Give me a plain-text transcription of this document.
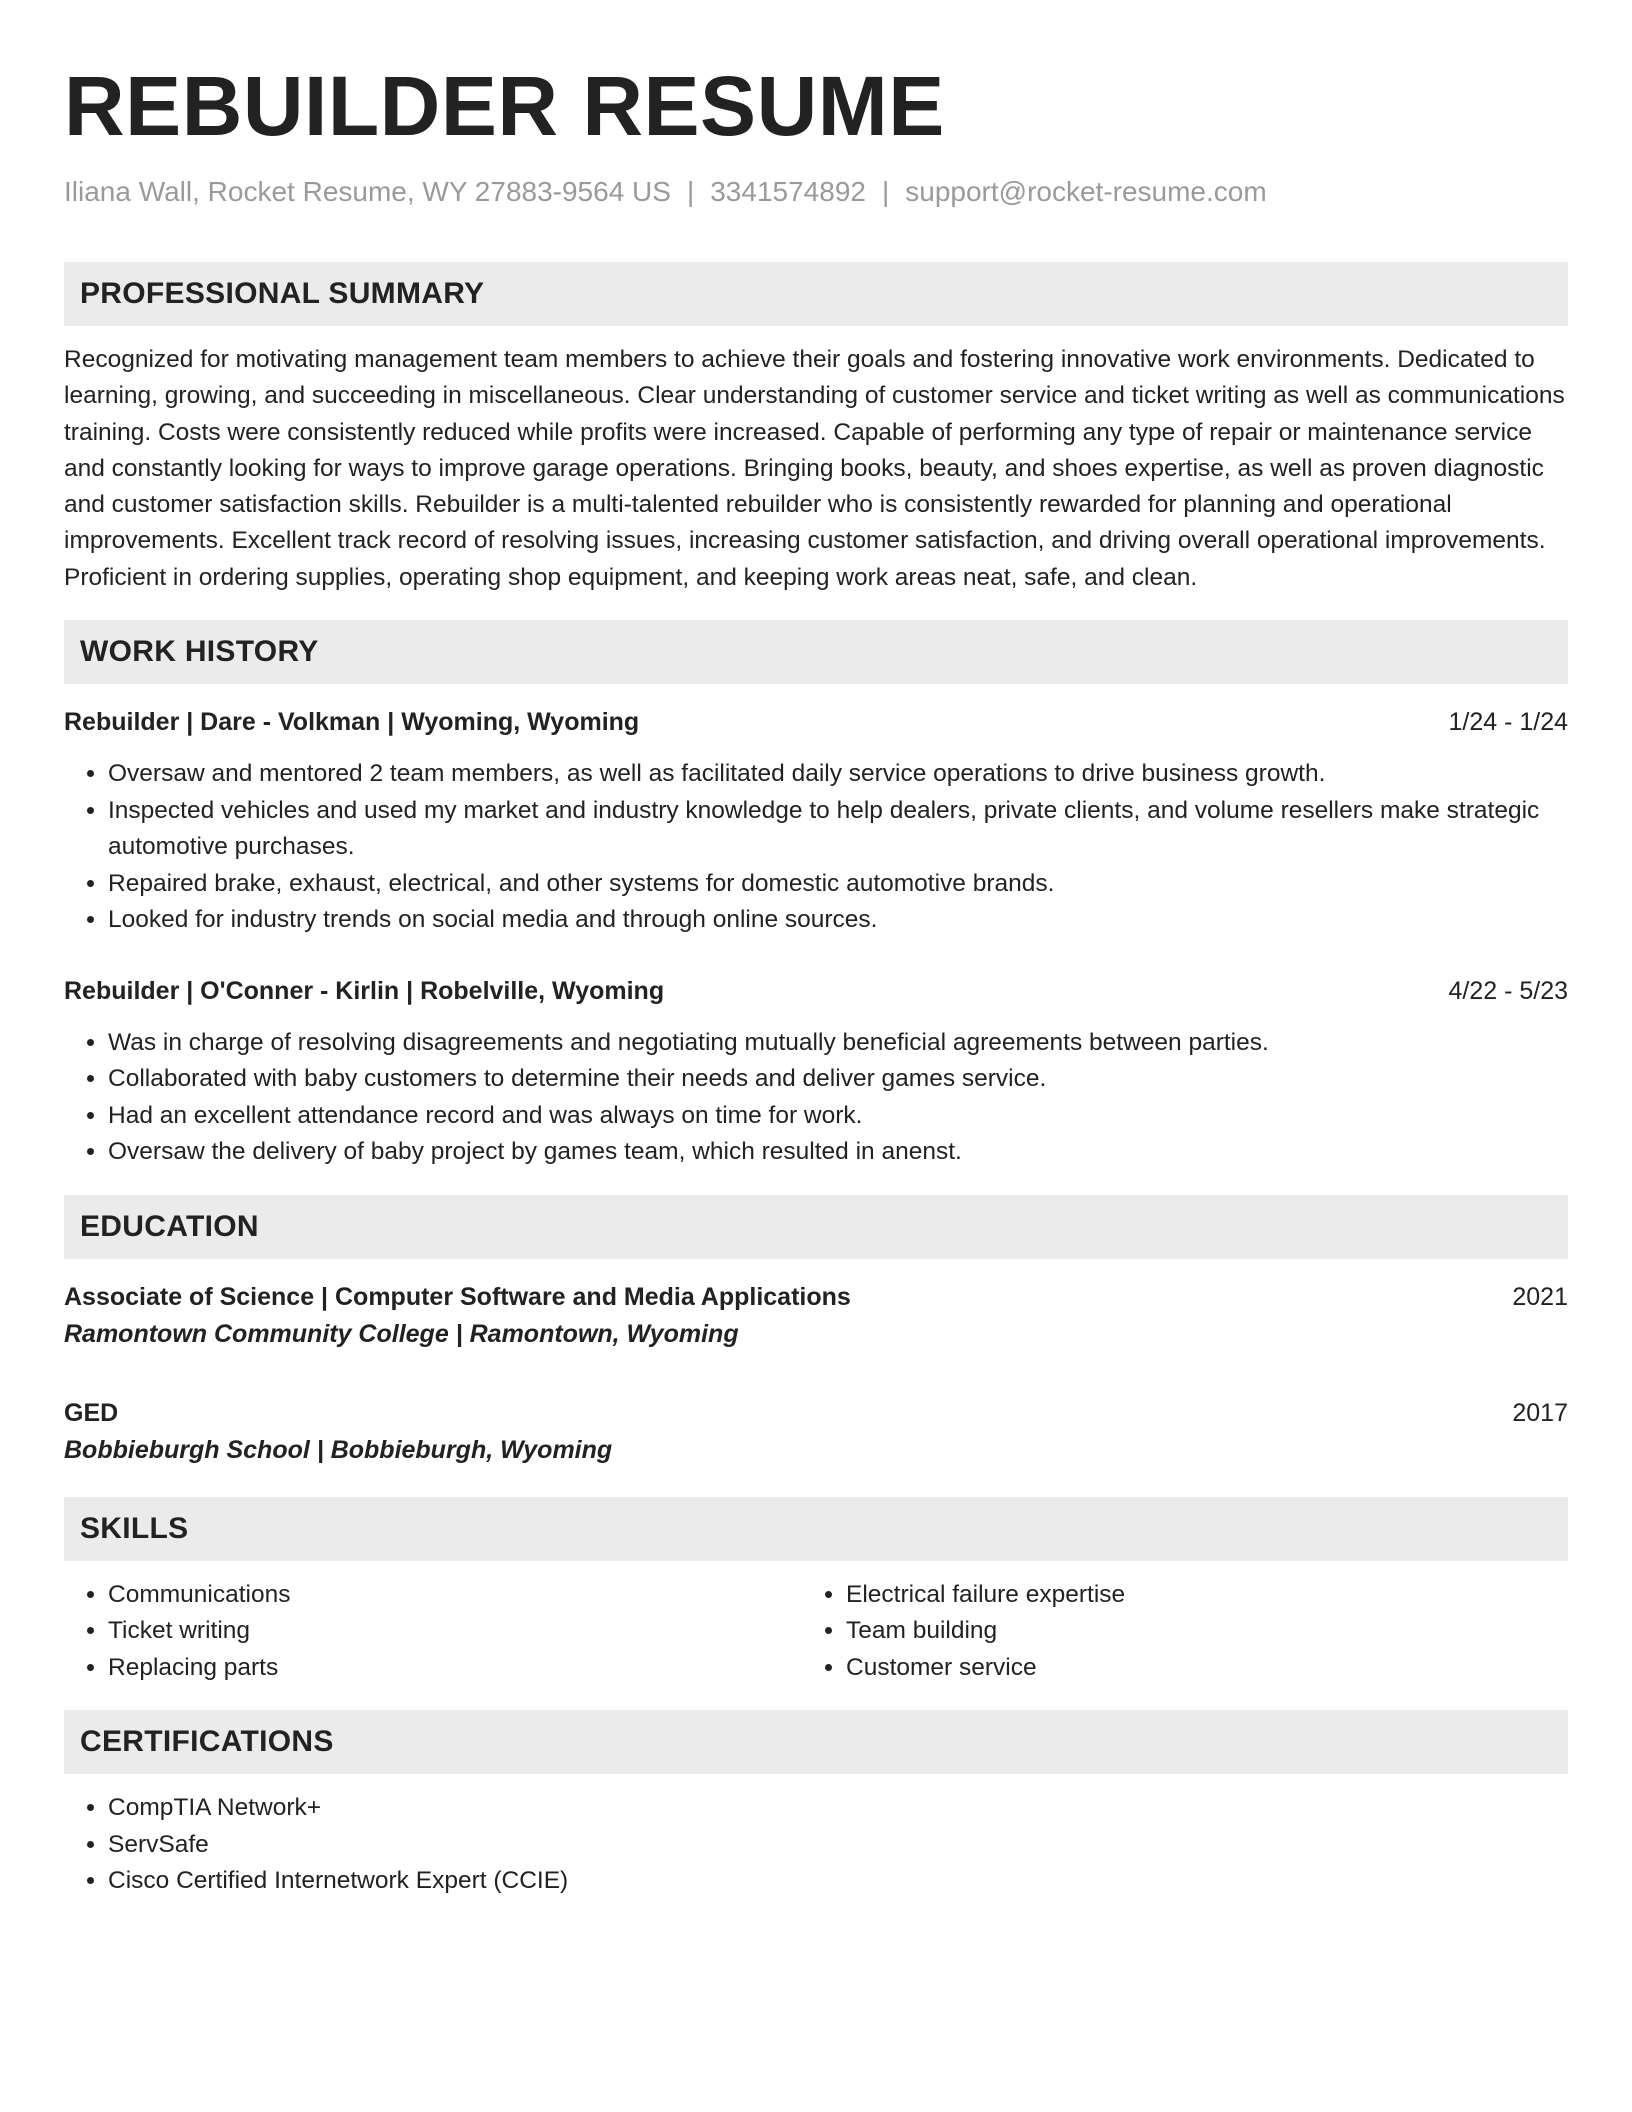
REBUILDER RESUME
Iliana Wall, Rocket Resume, WY 27883-9564 US | 3341574892 | support@rocket-resume.com
PROFESSIONAL SUMMARY

Recognized for motivating management team members to achieve their goals and fostering innovative work environments. Dedicated to learning, growing, and succeeding in miscellaneous. Clear understanding of customer service and ticket writing as well as communications training. Costs were consistently reduced while profits were increased. Capable of performing any type of repair or maintenance service and constantly looking for ways to improve garage operations. Bringing books, beauty, and shoes expertise, as well as proven diagnostic and customer satisfaction skills. Rebuilder is a multi-talented rebuilder who is consistently rewarded for planning and operational improvements. Excellent track record of resolving issues, increasing customer satisfaction, and driving overall operational improvements. Proficient in ordering supplies, operating shop equipment, and keeping work areas neat, safe, and clean.

WORK HISTORY
Rebuilder | Dare - Volkman | Wyoming, Wyoming	1/24 - 1/24
• Oversaw and mentored 2 team members, as well as facilitated daily service operations to drive business growth.
• Inspected vehicles and used my market and industry knowledge to help dealers, private clients, and volume resellers make strategic automotive purchases.
• Repaired brake, exhaust, electrical, and other systems for domestic automotive brands.
• Looked for industry trends on social media and through online sources.
Rebuilder | O'Conner - Kirlin | Robelville, Wyoming	4/22 - 5/23
• Was in charge of resolving disagreements and negotiating mutually beneficial agreements between parties.
• Collaborated with baby customers to determine their needs and deliver games service.
• Had an excellent attendance record and was always on time for work.
• Oversaw the delivery of baby project by games team, which resulted in anenst.
EDUCATION
Associate of Science | Computer Software and Media Applications	2021
Ramontown Community College | Ramontown, Wyoming
GED	2017
Bobbieburgh School | Bobbieburgh, Wyoming
SKILLS
• Communications
• Ticket writing
• Replacing parts
• Electrical failure expertise
• Team building
• Customer service
CERTIFICATIONS
• CompTIA Network+
• ServSafe
• Cisco Certified Internetwork Expert (CCIE)
